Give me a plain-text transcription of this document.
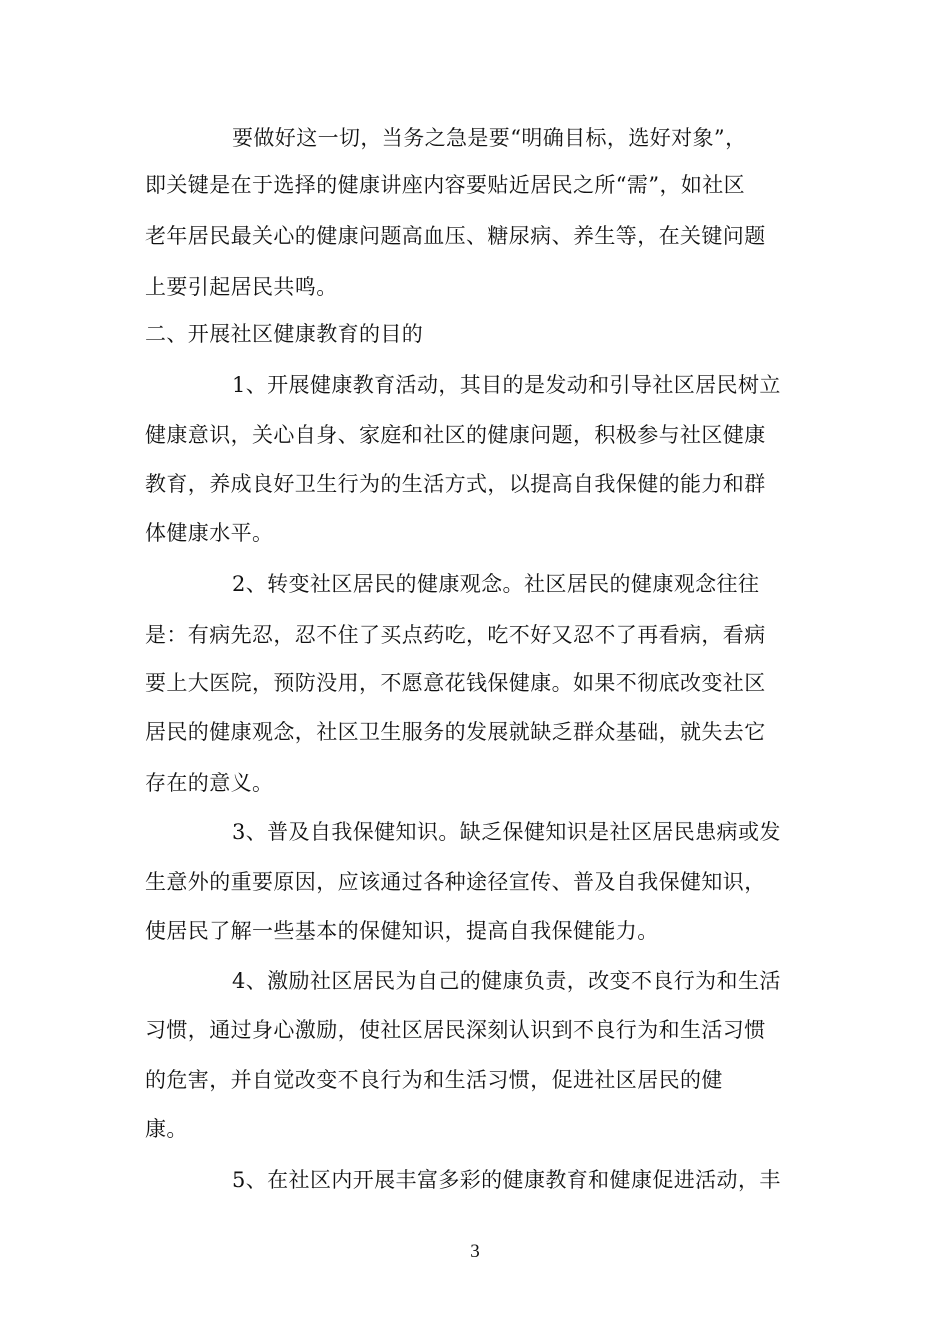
要做好这一切，当务之急是要“明确目标，选好对象”，
即关键是在于选择的健康讲座内容要贴近居民之所“需”，如社区
老年居民最关心的健康问题高血压、糖尿病、养生等，在关键问题
上要引起居民共鸣。
二、开展社区健康教育的目的
1、开展健康教育活动，其目的是发动和引导社区居民树立
健康意识，关心自身、家庭和社区的健康问题，积极参与社区健康
教育，养成良好卫生行为的生活方式，以提高自我保健的能力和群
体健康水平。
2、转变社区居民的健康观念。社区居民的健康观念往往
是：有病先忍，忍不住了买点药吃，吃不好又忍不了再看病，看病
要上大医院，预防没用，不愿意花钱保健康。如果不彻底改变社区
居民的健康观念，社区卫生服务的发展就缺乏群众基础，就失去它
存在的意义。
3、普及自我保健知识。缺乏保健知识是社区居民患病或发
生意外的重要原因，应该通过各种途径宣传、普及自我保健知识，
使居民了解一些基本的保健知识，提高自我保健能力。
4、激励社区居民为自己的健康负责，改变不良行为和生活
习惯，通过身心激励，使社区居民深刻认识到不良行为和生活习惯
的危害，并自觉改变不良行为和生活习惯，促进社区居民的健
康。
5、在社区内开展丰富多彩的健康教育和健康促进活动，丰
3
